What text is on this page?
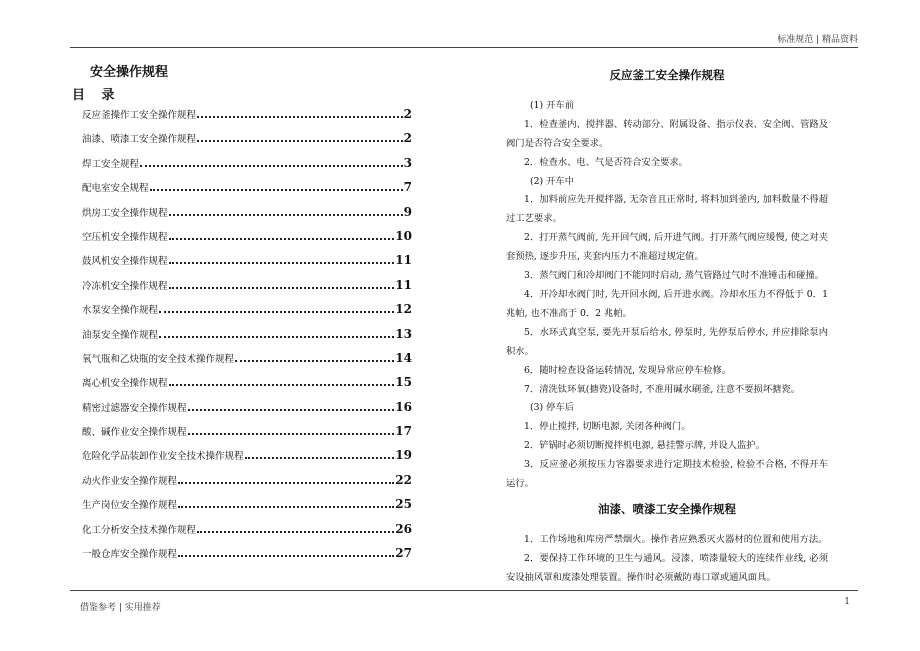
标准规范 | 精品资料
安全操作规程
目 录
反应釜操作工安全操作规程	2
油漆、喷漆工安全操作规程	2
焊工安全规程	3
配电室安全规程	7
烘房工安全操作规程	9
空压机安全操作规程	10
鼓风机安全操作规程	11
冷冻机安全操作规程	11
水泵安全操作规程	12
油泵安全操作规程	13
氧气瓶和乙炔瓶的安全技术操作规程	14
离心机安全操作规程	15
精密过滤器安全操作规程	16
酸、碱作业安全操作规程	17
危险化学品装卸作业安全技术操作规程	19
动火作业安全操作规程	22
生产岗位安全操作规程	25
化工分析安全技术操作规程	26
一般仓库安全操作规程	27
反应釜工安全操作规程

(1) 开车前

1．检查釜内、搅拌器、转动部分、附属设备、指示仪表、安全阀、管路及阀门是否符合安全要求。

2．检查水、电、气是否符合安全要求。

(2) 开车中

1．加料前应先开搅拌器, 无杂音且正常时, 将料加到釜内, 加料数量不得超过工艺要求。

2．打开蒸气阀前, 先开回气阀, 后开进气阀。打开蒸气阀应缓慢, 使之对夹套预热, 逐步升压, 夹套内压力不准超过规定值。

3．蒸气阀门和冷却阀门不能同时启动, 蒸气管路过气时不准锤击和碰撞。

4．开冷却水阀门时, 先开回水阀, 后开进水阀。冷却水压力不得低于 0．1 兆帕, 也不准高于 0．2 兆帕。

5．水环式真空泵, 要先开泵后给水, 停泵时, 先停泵后停水, 并应排除泵内积水。

6．随时检查设备运转情况, 发现异常应停车检修。

7．清洗钛环氧(搪瓷)设备时, 不准用碱水刷釜, 注意不要损坏搪瓷。

(3) 停车后

1．停止搅拌, 切断电源, 关闭各种阀门。

2．铲锅时必须切断搅拌机电源, 悬挂警示牌, 并设人监护。

3．反应釜必须按压力容器要求进行定期技术检验, 检验不合格, 不得开车运行。

油漆、喷漆工安全操作规程

1．工作场地和库房严禁烟火。操作者应熟悉灭火器材的位置和使用方法。

2．要保持工作环境的卫生与通风。浸漆、喷漆量较大的连续作业线, 必须安设抽风罩和废漆处理装置。操作时必须戴防毒口罩或通风面具。

借鉴参考 | 实用推荐
1
